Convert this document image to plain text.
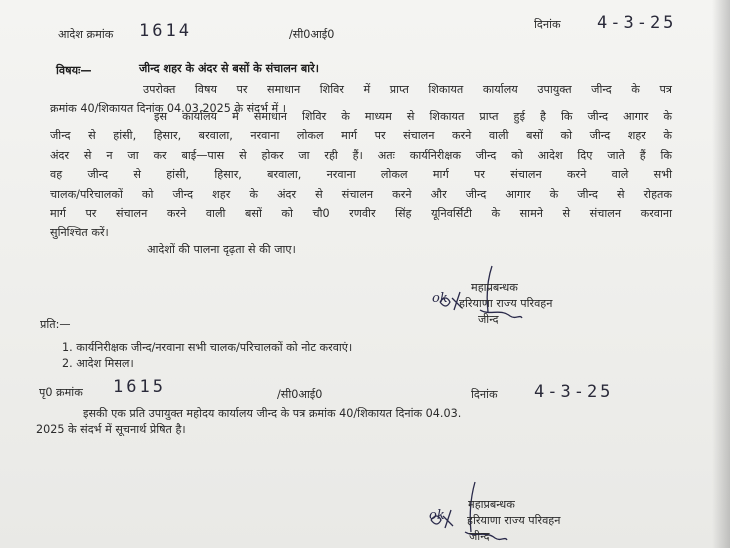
आदेश क्रमांक 1614	/सी0आई0
दिनांक 4-3-25
विषयः—	जीन्द शहर के अंदर से बसों के संचालन बारे।
उपरोक्त विषय पर समाधान शिविर में प्राप्त शिकायत कार्यालय उपायुक्त जीन्द के पत्र
क्रमांक 40/शिकायत दिनांक 04.03.2025 के संदर्भ में ।
इस कार्यालय मे समाधान शिविर के माध्यम से शिकायत प्राप्त हुई है कि जीन्द आगार के
जीन्द से हांसी, हिसार, बरवाला, नरवाना लोकल मार्ग पर संचालन करने वाली बसों को जीन्द शहर के
अंदर से न जा कर बाई—पास से होकर जा रही हैं। अतः कार्यनिरीक्षक जीन्द को आदेश दिए जाते हैं कि
वह जीन्द से हांसी, हिसार, बरवाला, नरवाना लोकल मार्ग पर संचालन करने वाले सभी
चालक/परिचालकों को जीन्द शहर के अंदर से संचालन करने और जीन्द आगार के जीन्द से रोहतक
मार्ग पर संचालन करने वाली बसों को चौ0 रणवीर सिंह यूनिवर्सिटी के सामने से संचालन करवाना
सुनिश्चित करें।
आदेशों की पालना दृढ़ता से की जाए।
ok
महाप्रबन्धक
हरियाणा राज्य परिवहन
जीन्द
प्रति:—
1. कार्यनिरीक्षक जीन्द/नरवाना सभी चालक/परिचालकों को नोट करवाएं।
2. आदेश मिसल।
पृ0 क्रमांक 1615	/सी0आई0	दिनांक 4-3-25
इसकी एक प्रति उपायुक्त महोदय कार्यालय जीन्द के पत्र क्रमांक 40/शिकायत दिनांक 04.03.
2025 के संदर्भ में सूचनार्थ प्रेषित है।
ok
महाप्रबन्धक
हरियाणा राज्य परिवहन
जीन्द
